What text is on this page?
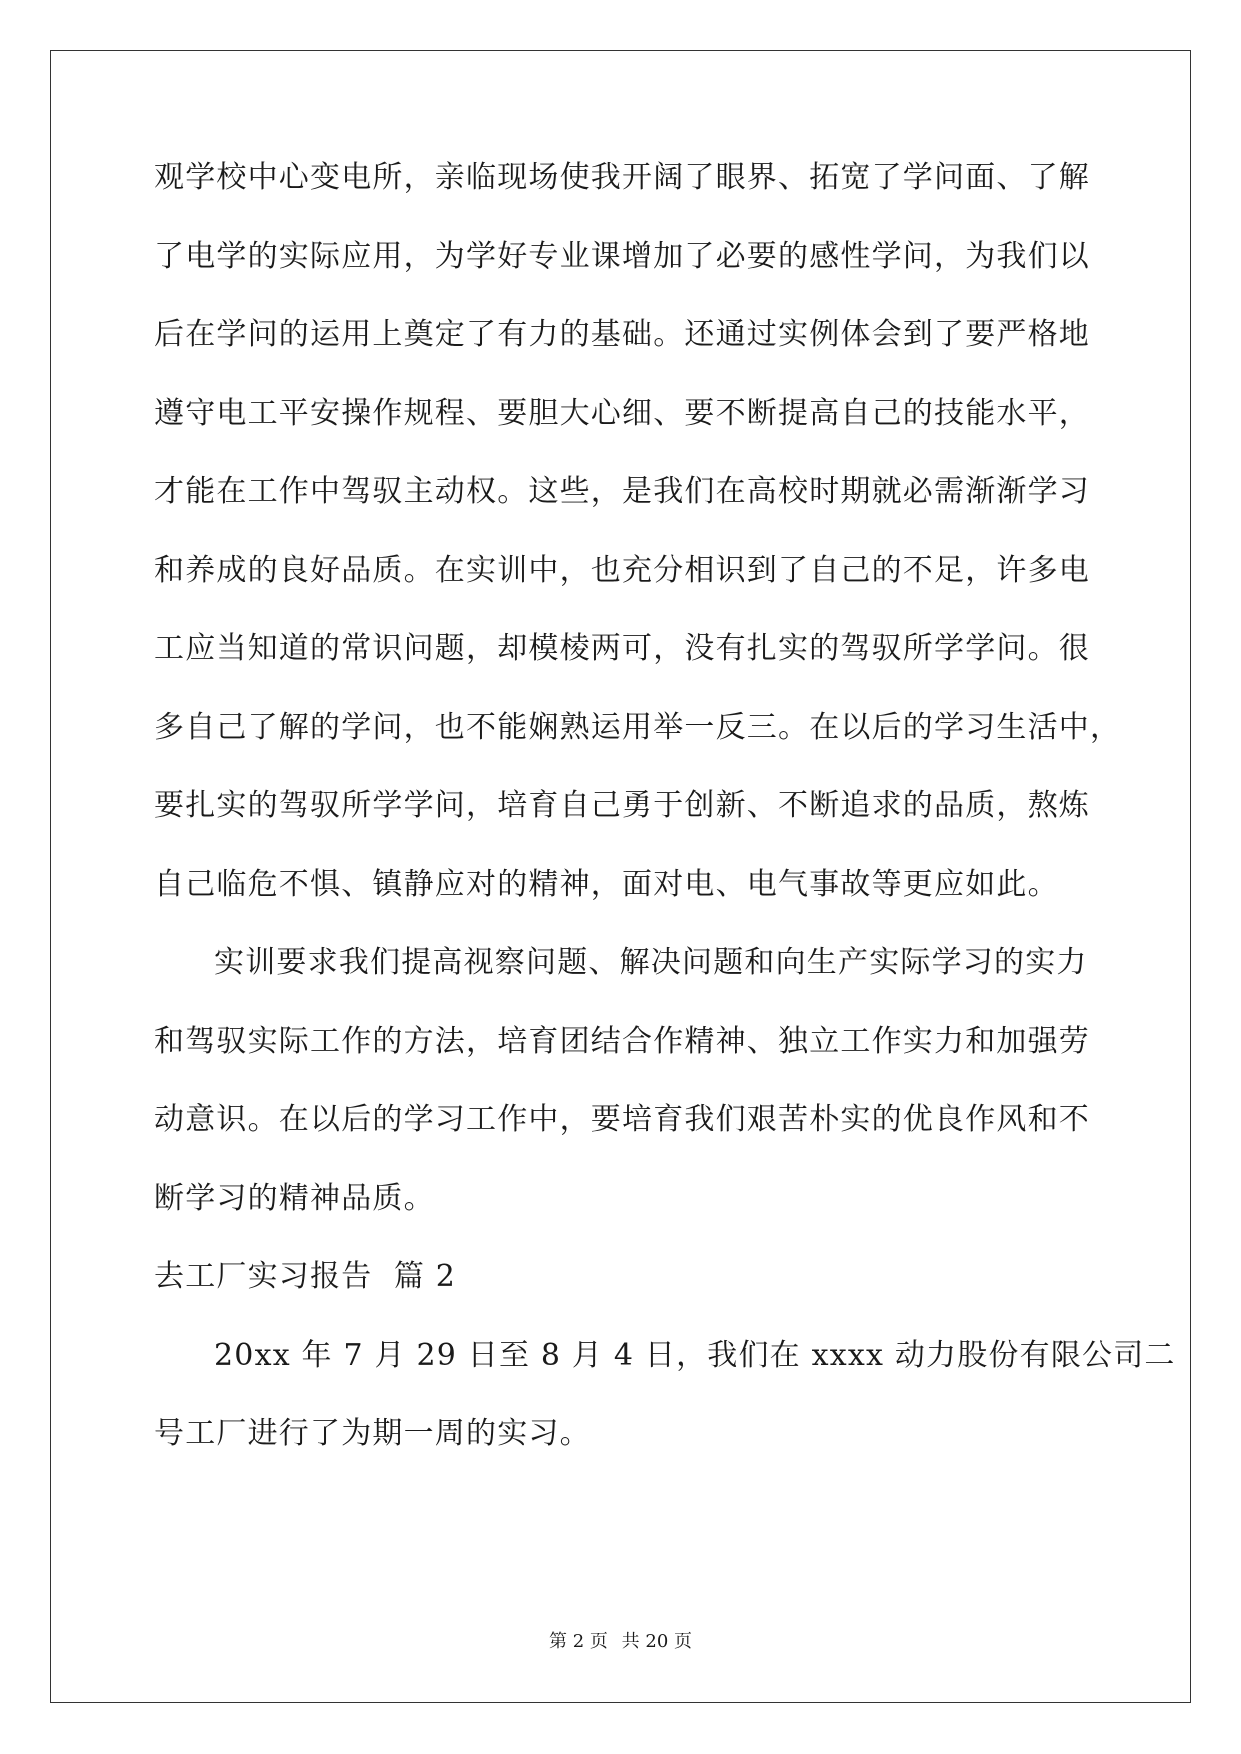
观学校中心变电所，亲临现场使我开阔了眼界、拓宽了学问面、了解
了电学的实际应用，为学好专业课增加了必要的感性学问，为我们以
后在学问的运用上奠定了有力的基础。还通过实例体会到了要严格地
遵守电工平安操作规程、要胆大心细、要不断提高自己的技能水平，
才能在工作中驾驭主动权。这些，是我们在高校时期就必需渐渐学习
和养成的良好品质。在实训中，也充分相识到了自己的不足，许多电
工应当知道的常识问题，却模棱两可，没有扎实的驾驭所学学问。很
多自己了解的学问，也不能娴熟运用举一反三。在以后的学习生活中，
要扎实的驾驭所学学问，培育自己勇于创新、不断追求的品质，熬炼
自己临危不惧、镇静应对的精神，面对电、电气事故等更应如此。
实训要求我们提高视察问题、解决问题和向生产实际学习的实力
和驾驭实际工作的方法，培育团结合作精神、独立工作实力和加强劳
动意识。在以后的学习工作中，要培育我们艰苦朴实的优良作风和不
断学习的精神品质。
去工厂实习报告  篇 2
20xx 年 7 月 29 日至 8 月 4 日，我们在 xxxx 动力股份有限公司二
号工厂进行了为期一周的实习。
第 2 页 共 20 页
